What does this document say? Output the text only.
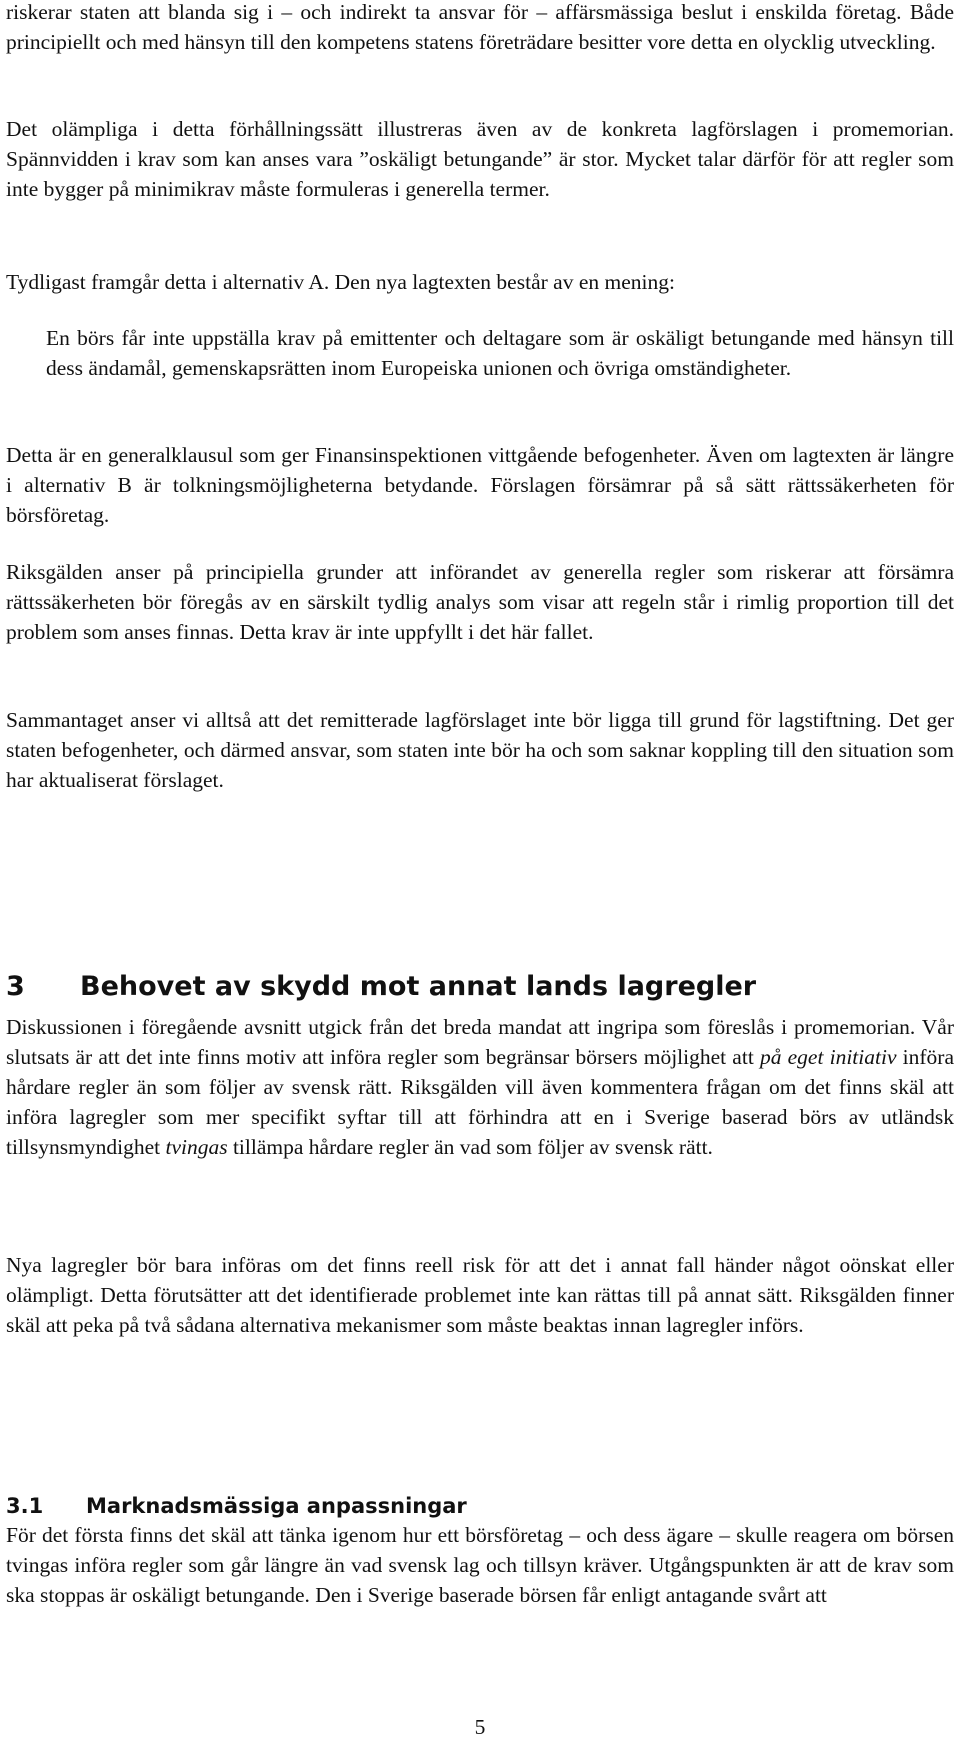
riskerar staten att blanda sig i – och indirekt ta ansvar för – affärsmässiga beslut i enskilda företag. Både principiellt och med hänsyn till den kompetens statens företrädare besitter vore detta en olycklig utveckling.

Det olämpliga i detta förhållningssätt illustreras även av de konkreta lagförslagen i promemorian. Spännvidden i krav som kan anses vara ”oskäligt betungande” är stor. Mycket talar därför för att regler som inte bygger på minimikrav måste formuleras i generella termer.

Tydligast framgår detta i alternativ A. Den nya lagtexten består av en mening:

En börs får inte uppställa krav på emittenter och deltagare som är oskäligt betungande med hänsyn till dess ändamål, gemenskapsrätten inom Europeiska unionen och övriga omständigheter.

Detta är en generalklausul som ger Finansinspektionen vittgående befogenheter. Även om lagtexten är längre i alternativ B är tolkningsmöjligheterna betydande. Förslagen försämrar på så sätt rättssäkerheten för börsföretag.

Riksgälden anser på principiella grunder att införandet av generella regler som riskerar att försämra rättssäkerheten bör föregås av en särskilt tydlig analys som visar att regeln står i rimlig proportion till det problem som anses finnas. Detta krav är inte uppfyllt i det här fallet.

Sammantaget anser vi alltså att det remitterade lagförslaget inte bör ligga till grund för lagstiftning. Det ger staten befogenheter, och därmed ansvar, som staten inte bör ha och som saknar koppling till den situation som har aktualiserat förslaget.

3 Behovet av skydd mot annat lands lagregler

Diskussionen i föregående avsnitt utgick från det breda mandat att ingripa som föreslås i promemorian. Vår slutsats är att det inte finns motiv att införa regler som begränsar börsers möjlighet att på eget initiativ införa hårdare regler än som följer av svensk rätt. Riksgälden vill även kommentera frågan om det finns skäl att införa lagregler som mer specifikt syftar till att förhindra att en i Sverige baserad börs av utländsk tillsynsmyndighet tvingas tillämpa hårdare regler än vad som följer av svensk rätt.

Nya lagregler bör bara införas om det finns reell risk för att det i annat fall händer något oönskat eller olämpligt. Detta förutsätter att det identifierade problemet inte kan rättas till på annat sätt. Riksgälden finner skäl att peka på två sådana alternativa mekanismer som måste beaktas innan lagregler införs.

3.1 Marknadsmässiga anpassningar

För det första finns det skäl att tänka igenom hur ett börsföretag – och dess ägare – skulle reagera om börsen tvingas införa regler som går längre än vad svensk lag och tillsyn kräver. Utgångspunkten är att de krav som ska stoppas är oskäligt betungande. Den i Sverige baserade börsen får enligt antagande svårt att

5
